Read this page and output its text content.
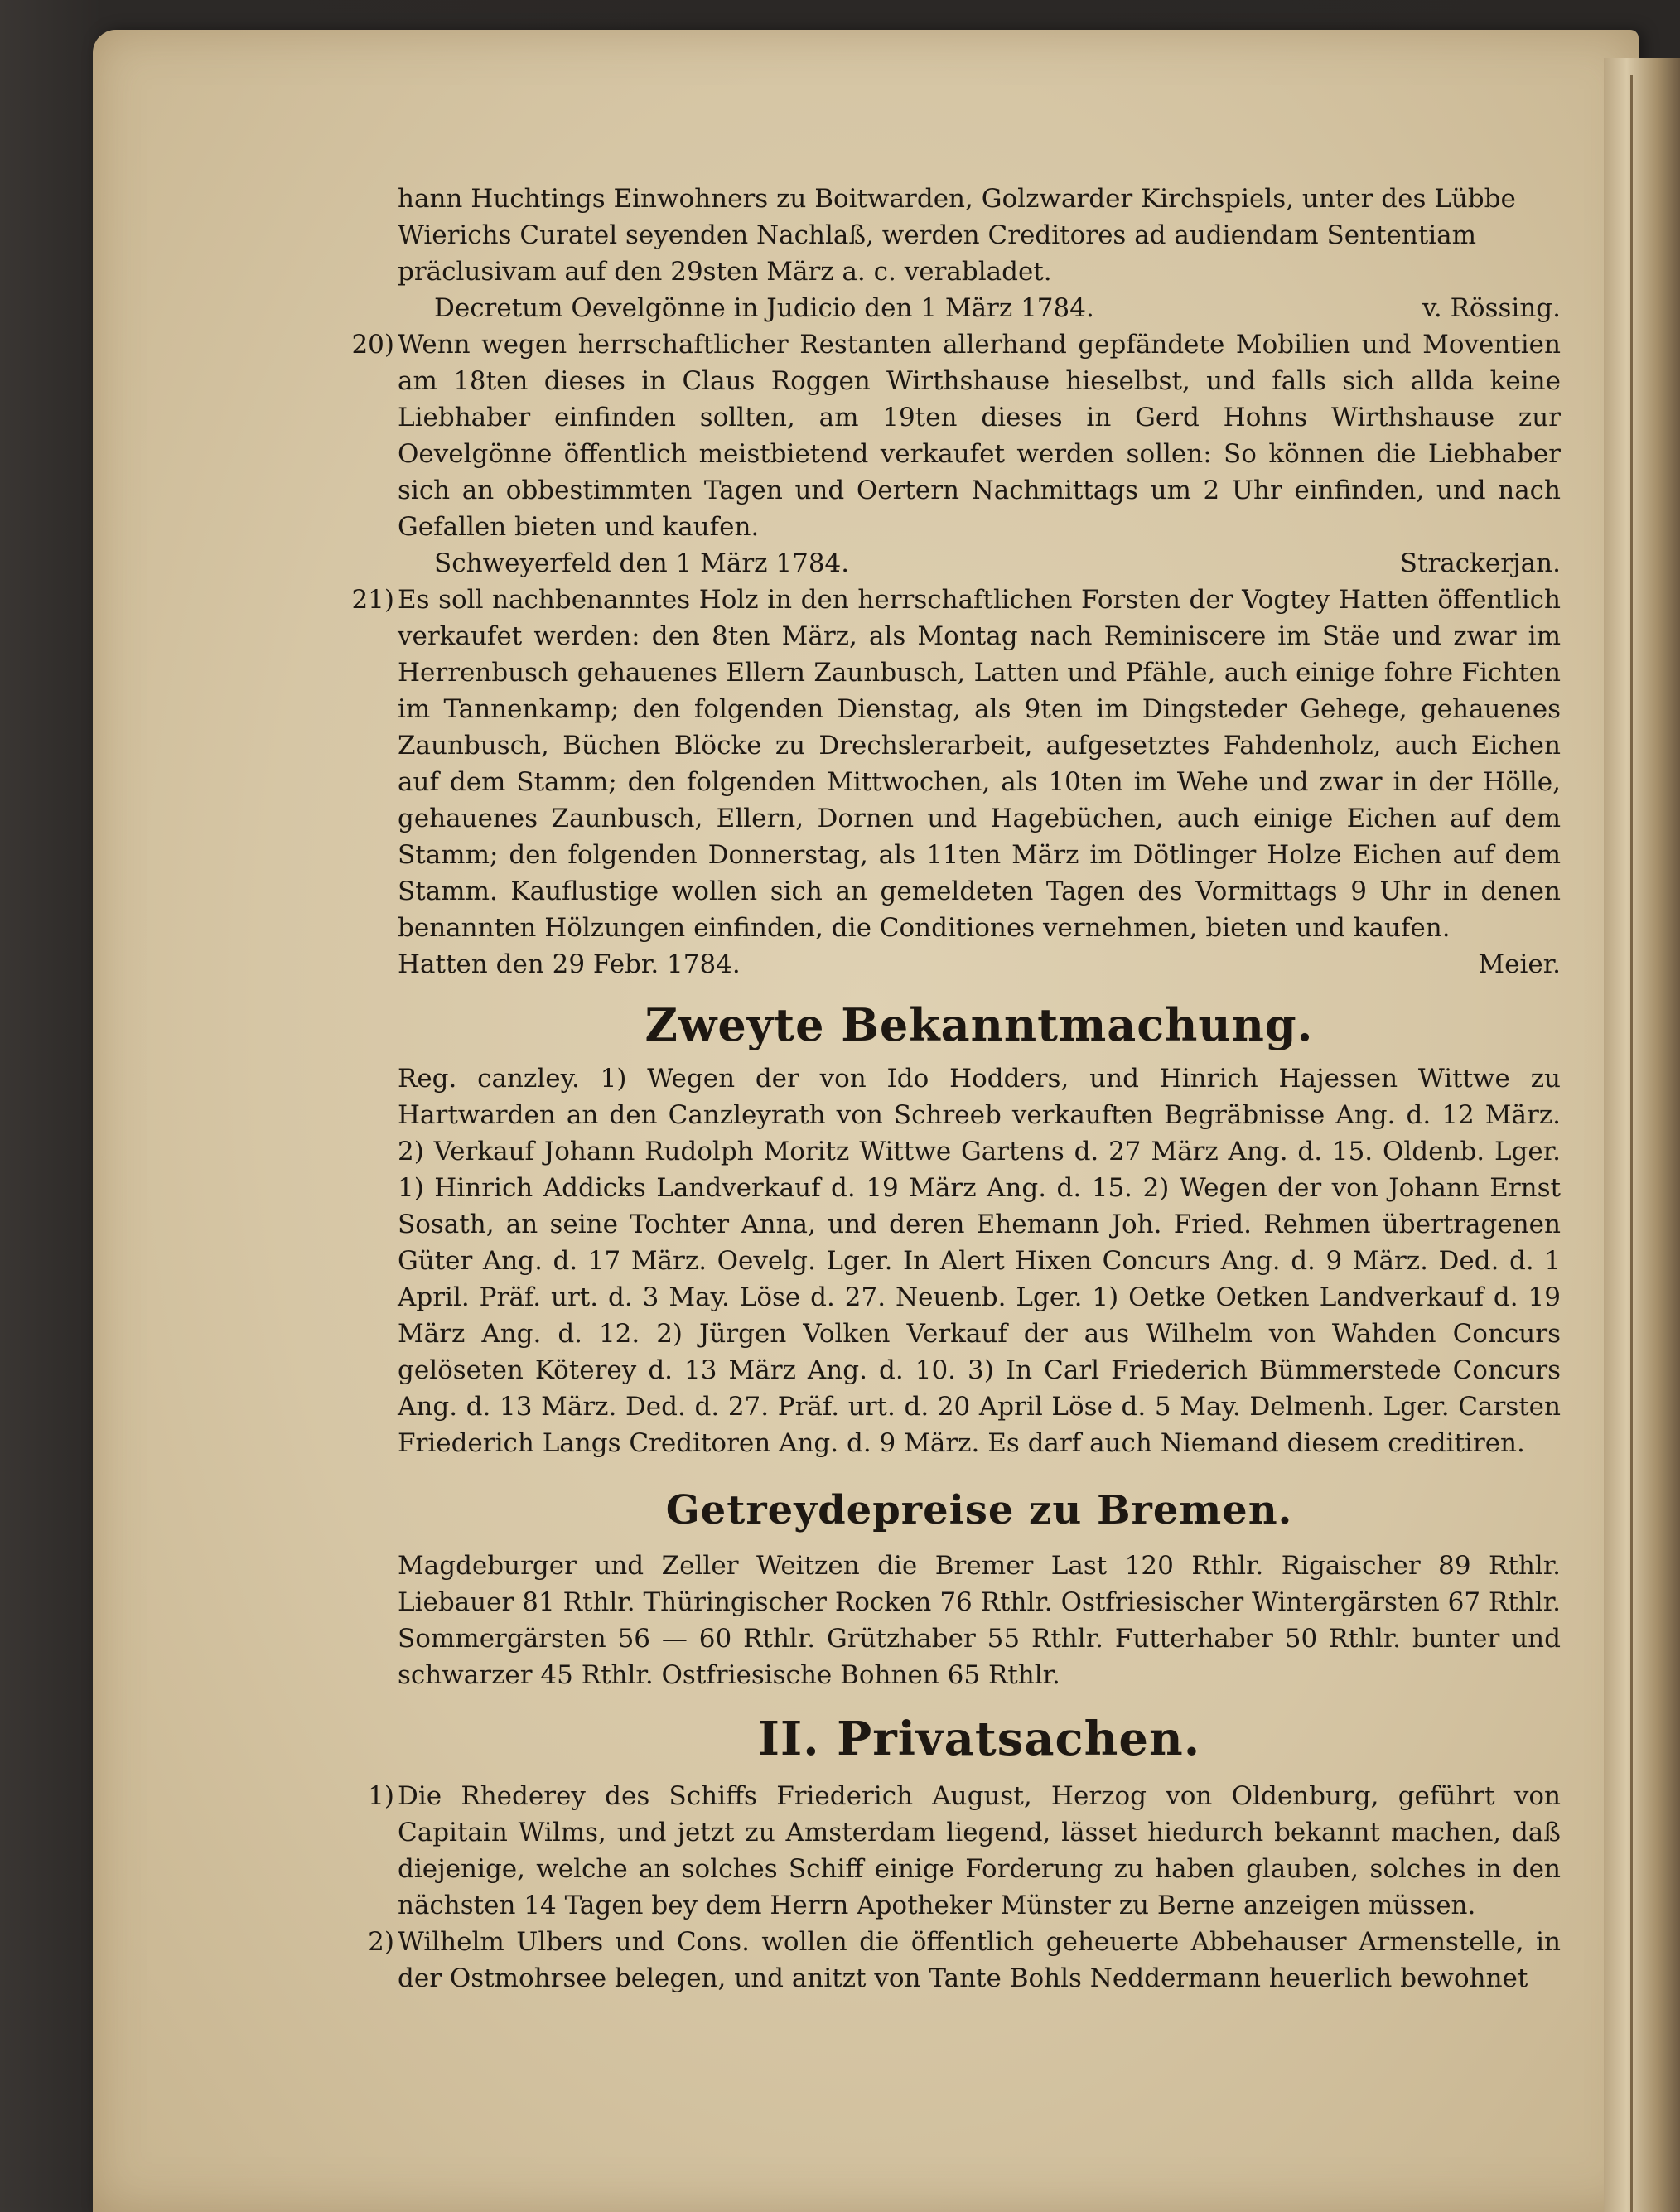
hann Huchtings Einwohners zu Boitwarden, Golzwarder Kirchspiels, unter des Lübbe
Wierichs Curatel seyenden Nachlaß, werden Creditores ad audiendam Sententiam
präclusivam auf den 29sten März a. c. verabladet.
Decretum Oevelgönne in Judicio den 1 März 1784.	v. Rössing.
20) Wenn wegen herrschaftlicher Restanten allerhand gepfändete Mobilien und Moventien am 18ten dieses in Claus Roggen Wirthshause hieselbst, und falls sich allda keine Liebhaber einfinden sollten, am 19ten dieses in Gerd Hohns Wirthshause zur Oevelgönne öffentlich meistbietend verkaufet werden sollen: So können die Liebhaber sich an obbestimmten Tagen und Oertern Nachmittags um 2 Uhr einfinden, und nach Gefallen bieten und kaufen.
Schweyerfeld den 1 März 1784.	Strackerjan.
21) Es soll nachbenanntes Holz in den herrschaftlichen Forsten der Vogtey Hatten öffentlich verkaufet werden: den 8ten März, als Montag nach Reminiscere im Stäe und zwar im Herrenbusch gehauenes Ellern Zaunbusch, Latten und Pfähle, auch einige fohre Fichten im Tannenkamp; den folgenden Dienstag, als 9ten im Dingsteder Gehege, gehauenes Zaunbusch, Büchen Blöcke zu Drechslerarbeit, aufgesetztes Fahdenholz, auch Eichen auf dem Stamm; den folgenden Mittwochen, als 10ten im Wehe und zwar in der Hölle, gehauenes Zaunbusch, Ellern, Dornen und Hagebüchen, auch einige Eichen auf dem Stamm; den folgenden Donnerstag, als 11ten März im Dötlinger Holze Eichen auf dem Stamm. Kauflustige wollen sich an gemeldeten Tagen des Vormittags 9 Uhr in denen benannten Hölzungen einfinden, die Conditiones vernehmen, bieten und kaufen.
Hatten den 29 Febr. 1784.	Meier.
Zweyte Bekanntmachung.
Reg. canzley. 1) Wegen der von Ido Hodders, und Hinrich Hajessen Wittwe zu Hartwarden an den Canzleyrath von Schreeb verkauften Begräbnisse Ang. d. 12 März. 2) Verkauf Johann Rudolph Moritz Wittwe Gartens d. 27 März Ang. d. 15. Oldenb. Lger. 1) Hinrich Addicks Landverkauf d. 19 März Ang. d. 15. 2) Wegen der von Johann Ernst Sosath, an seine Tochter Anna, und deren Ehemann Joh. Fried. Rehmen übertragenen Güter Ang. d. 17 März. Oevelg. Lger. In Alert Hixen Concurs Ang. d. 9 März. Ded. d. 1 April. Präf. urt. d. 3 May. Löse d. 27. Neuenb. Lger. 1) Oetke Oetken Landverkauf d. 19 März Ang. d. 12. 2) Jürgen Volken Verkauf der aus Wilhelm von Wahden Concurs gelöseten Köterey d. 13 März Ang. d. 10. 3) In Carl Friederich Bümmerstede Concurs Ang. d. 13 März. Ded. d. 27. Präf. urt. d. 20 April Löse d. 5 May. Delmenh. Lger. Carsten Friederich Langs Creditoren Ang. d. 9 März. Es darf auch Niemand diesem creditiren.
Getreydepreise zu Bremen.
Magdeburger und Zeller Weitzen die Bremer Last 120 Rthlr. Rigaischer 89 Rthlr. Liebauer 81 Rthlr. Thüringischer Rocken 76 Rthlr. Ostfriesischer Wintergärsten 67 Rthlr. Sommergärsten 56 — 60 Rthlr. Grützhaber 55 Rthlr. Futterhaber 50 Rthlr. bunter und schwarzer 45 Rthlr. Ostfriesische Bohnen 65 Rthlr.
II. Privatsachen.
1) Die Rhederey des Schiffs Friederich August, Herzog von Oldenburg, geführt von Capitain Wilms, und jetzt zu Amsterdam liegend, lässet hiedurch bekannt machen, daß diejenige, welche an solches Schiff einige Forderung zu haben glauben, solches in den nächsten 14 Tagen bey dem Herrn Apotheker Münster zu Berne anzeigen müssen.
2) Wilhelm Ulbers und Cons. wollen die öffentlich geheuerte Abbehauser Armenstelle, in der Ostmohrsee belegen, und anitzt von Tante Bohls Neddermann heuerlich bewohnet
